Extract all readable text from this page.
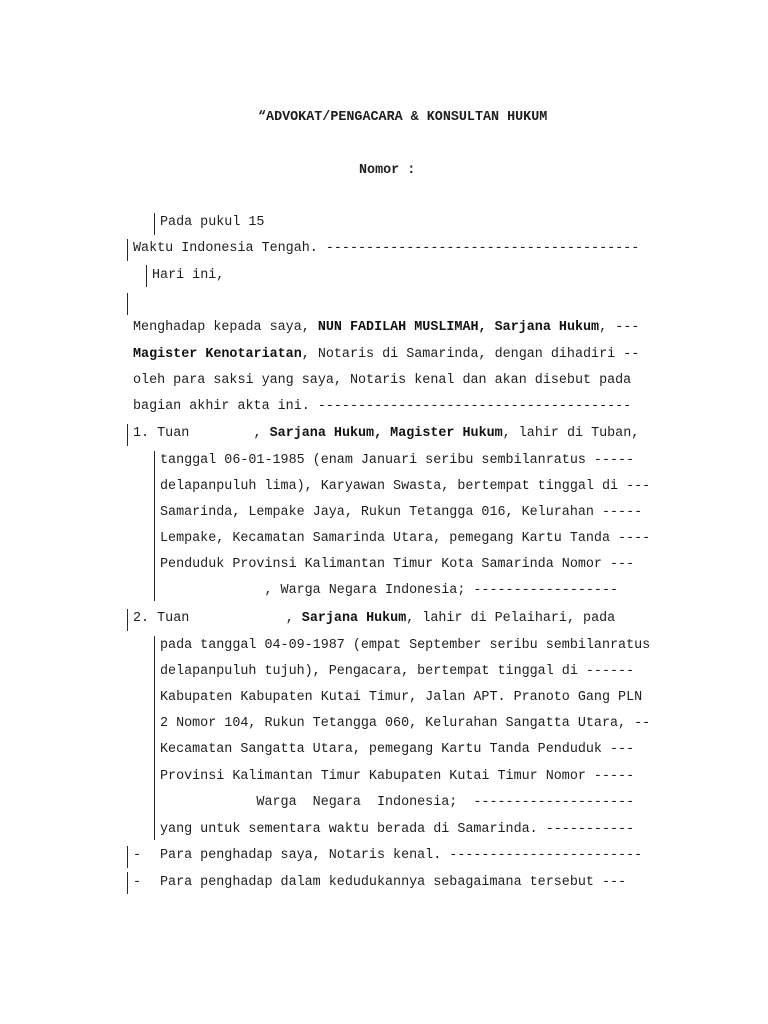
“ADVOKAT/PENGACARA & KONSULTAN HUKUM
Nomor :
Pada pukul 15
Waktu Indonesia Tengah. ---------------------------------------
Hari ini,
Menghadap kepada saya, NUN FADILAH MUSLIMAH, Sarjana Hukum, ---
Magister Kenotariatan, Notaris di Samarinda, dengan dihadiri --
oleh para saksi yang saya, Notaris kenal dan akan disebut pada
bagian akhir akta ini. ---------------------------------------
1. Tuan        , Sarjana Hukum, Magister Hukum, lahir di Tuban,
tanggal 06-01-1985 (enam Januari seribu sembilanratus -----
delapanpuluh lima), Karyawan Swasta, bertempat tinggal di ---
Samarinda, Lempake Jaya, Rukun Tetangga 016, Kelurahan -----
Lempake, Kecamatan Samarinda Utara, pemegang Kartu Tanda ----
Penduduk Provinsi Kalimantan Timur Kota Samarinda Nomor ---
, Warga Negara Indonesia; ------------------
2. Tuan            , Sarjana Hukum, lahir di Pelaihari, pada
pada tanggal 04-09-1987 (empat September seribu sembilanratus
delapanpuluh tujuh), Pengacara, bertempat tinggal di ------
Kabupaten Kabupaten Kutai Timur, Jalan APT. Pranoto Gang PLN
2 Nomor 104, Rukun Tetangga 060, Kelurahan Sangatta Utara, --
Kecamatan Sangatta Utara, pemegang Kartu Tanda Penduduk ---
Provinsi Kalimantan Timur Kabupaten Kutai Timur Nomor -----
Warga  Negara  Indonesia;  --------------------
yang untuk sementara waktu berada di Samarinda. -----------
- Para penghadap saya, Notaris kenal. ------------------------
- Para penghadap dalam kedudukannya sebagaimana tersebut ---
